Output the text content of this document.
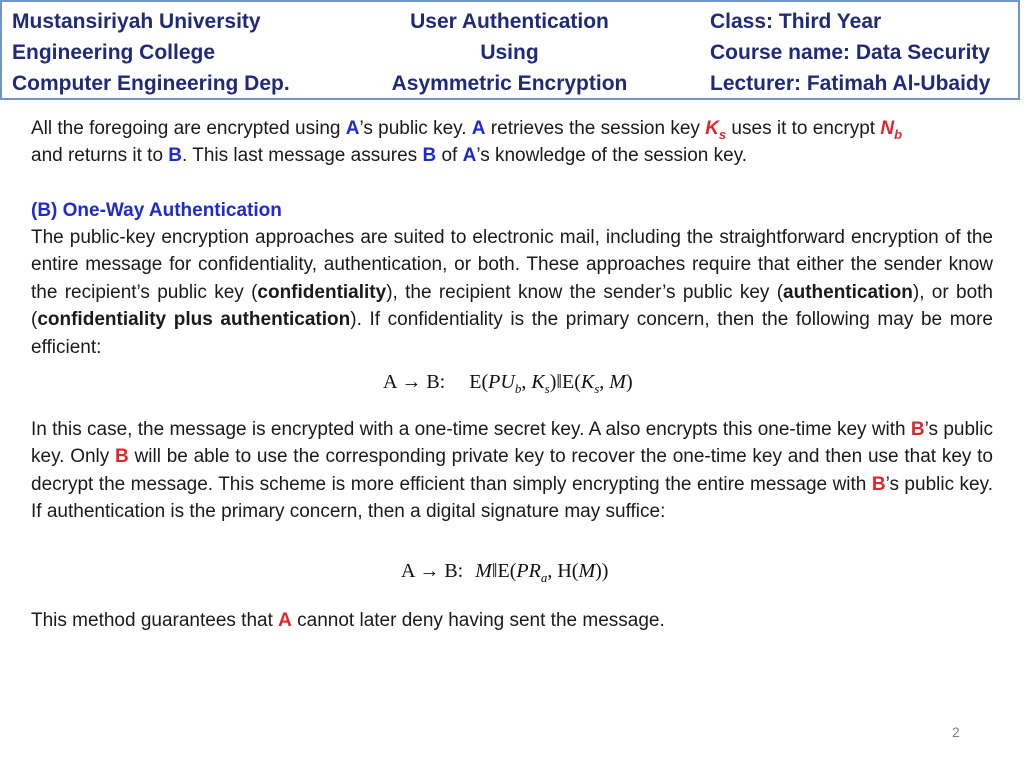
Mustansiriyah University
Engineering College
Computer Engineering Dep.
User Authentication
Using
Asymmetric Encryption
Class: Third Year
Course name: Data Security
Lecturer: Fatimah Al-Ubaidy
All the foregoing are encrypted using A’s public key. A retrieves the session key $K_s$ uses it to encrypt $N_b$
and returns it to B. This last message assures B of A’s knowledge of the session key.
(B) One-Way Authentication
The public-key encryption approaches are suited to electronic mail, including the straightforward encryption of the entire message for confidentiality, authentication, or both. These approaches require that either the sender know the recipient’s public key (confidentiality), the recipient know the sender’s public key (authentication), or both (confidentiality plus authentication). If confidentiality is the primary concern, then the following may be more efficient:
A → B: $E(PU_b$, $K_s)‖E(K_s$, M)
In this case, the message is encrypted with a one-time secret key. A also encrypts this one-time key with B’s public key. Only B will be able to use the corresponding private key to recover the one-time key and then use that key to decrypt the message. This scheme is more efficient than simply encrypting the entire message with B’s public key. If authentication is the primary concern, then a digital signature may suffice:
A → B: $M‖E(PR_a$, H(M))
This method guarantees that A cannot later deny having sent the message.
2
